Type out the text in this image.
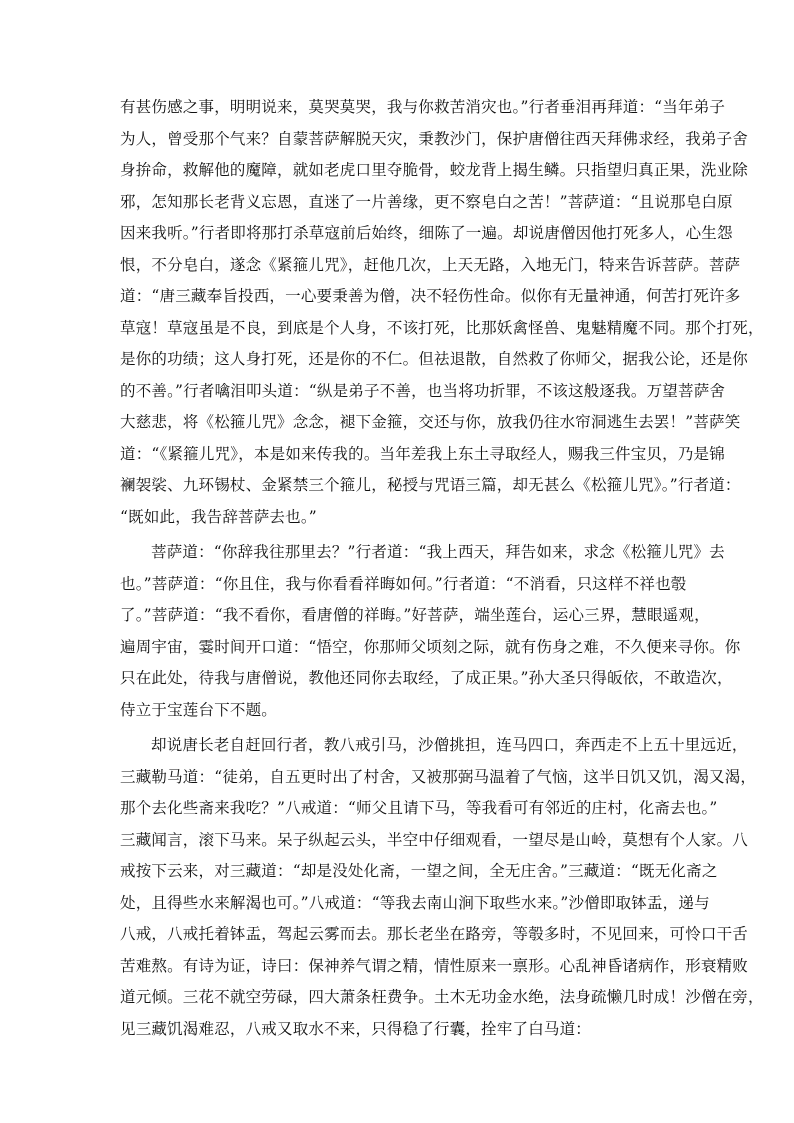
有甚伤感之事，明明说来，莫哭莫哭，我与你救苦消灾也。”行者垂泪再拜道：“当年弟子
为人，曾受那个气来？自蒙菩萨解脱天灾，秉教沙门，保护唐僧往西天拜佛求经，我弟子舍
身拚命，救解他的魔障，就如老虎口里夺脆骨，蛟龙背上揭生鳞。只指望归真正果，洗业除
邪，怎知那长老背义忘恩，直迷了一片善缘，更不察皂白之苦！”菩萨道：“且说那皂白原
因来我听。”行者即将那打杀草寇前后始终，细陈了一遍。却说唐僧因他打死多人，心生怨
恨，不分皂白，遂念《紧箍儿咒》，赶他几次，上天无路，入地无门，特来告诉菩萨。菩萨
道：“唐三藏奉旨投西，一心要秉善为僧，决不轻伤性命。似你有无量神通，何苦打死许多
草寇！草寇虽是不良，到底是个人身，不该打死，比那妖禽怪兽、鬼魅精魔不同。那个打死，
是你的功绩；这人身打死，还是你的不仁。但祛退散，自然救了你师父，据我公论，还是你
的不善。”行者噙泪叩头道：“纵是弟子不善，也当将功折罪，不该这般逐我。万望菩萨舍
大慈悲，将《松箍儿咒》念念，褪下金箍，交还与你，放我仍往水帘洞逃生去罢！”菩萨笑
道：“《紧箍儿咒》，本是如来传我的。当年差我上东土寻取经人，赐我三件宝贝，乃是锦
襕袈裟、九环锡杖、金紧禁三个箍儿，秘授与咒语三篇，却无甚么《松箍儿咒》。”行者道：
“既如此，我告辞菩萨去也。”
菩萨道：“你辞我往那里去？”行者道：“我上西天，拜告如来，求念《松箍儿咒》去
也。”菩萨道：“你且住，我与你看看祥晦如何。”行者道：“不消看，只这样不祥也彀
了。”菩萨道：“我不看你，看唐僧的祥晦。”好菩萨，端坐莲台，运心三界，慧眼遥观，
遍周宇宙，霎时间开口道：“悟空，你那师父顷刻之际，就有伤身之难，不久便来寻你。你
只在此处，待我与唐僧说，教他还同你去取经，了成正果。”孙大圣只得皈依，不敢造次，
侍立于宝莲台下不题。
却说唐长老自赶回行者，教八戒引马，沙僧挑担，连马四口，奔西走不上五十里远近，
三藏勒马道：“徒弟，自五更时出了村舍，又被那弼马温着了气恼，这半日饥又饥，渴又渴，
那个去化些斋来我吃？”八戒道：“师父且请下马，等我看可有邻近的庄村，化斋去也。”
三藏闻言，滚下马来。呆子纵起云头，半空中仔细观看，一望尽是山岭，莫想有个人家。八
戒按下云来，对三藏道：“却是没处化斋，一望之间，全无庄舍。”三藏道：“既无化斋之
处，且得些水来解渴也可。”八戒道：“等我去南山涧下取些水来。”沙僧即取钵盂，递与
八戒，八戒托着钵盂，驾起云雾而去。那长老坐在路旁，等彀多时，不见回来，可怜口干舌
苦难熬。有诗为证，诗曰：保神养气谓之精，情性原来一禀形。心乱神昏诸病作，形衰精败
道元倾。三花不就空劳碌，四大萧条枉费争。土木无功金水绝，法身疏懒几时成！沙僧在旁，
见三藏饥渴难忍，八戒又取水不来，只得稳了行囊，拴牢了白马道：
